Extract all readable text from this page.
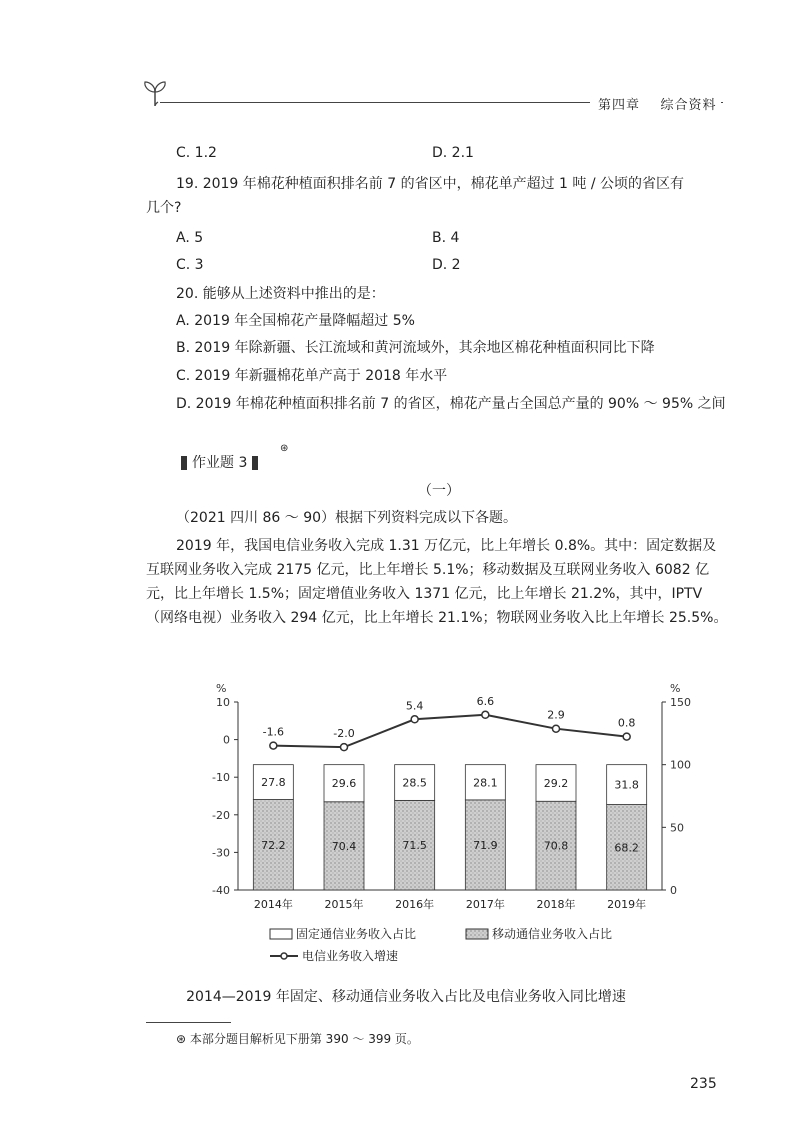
第四章 综合资料
C. 1.2	D. 2.1
19. 2019 年棉花种植面积排名前 7 的省区中，棉花单产超过 1 吨 / 公顷的省区有
几个?
A. 5	B. 4
C. 3	D. 2
20. 能够从上述资料中推出的是：
A. 2019 年全国棉花产量降幅超过 5%
B. 2019 年除新疆、长江流域和黄河流域外，其余地区棉花种植面积同比下降
C. 2019 年新疆棉花单产高于 2018 年水平
D. 2019 年棉花种植面积排名前 7 的省区，棉花产量占全国总产量的 90% ～ 95% 之间
作业题 3
⊛
（一）
（2021 四川 86 ～ 90）根据下列资料完成以下各题。
2019 年，我国电信业务收入完成 1.31 万亿元，比上年增长 0.8%。其中：固定数据及互联网业务收入完成 2175 亿元，比上年增长 5.1%；移动数据及互联网业务收入 6082 亿元，比上年增长 1.5%；固定增值业务收入 1371 亿元，比上年增长 21.2%，其中，IPTV（网络电视）业务收入 294 亿元，比上年增长 21.1%；物联网业务收入比上年增长 25.5%。
%	%
10
0
-10
-20
-30
-40
150
100
50
0
27.8
72.2
2014年
29.6
70.4
2015年
28.5
71.5
2016年
28.1
71.9
2017年
29.2
70.8
2018年
31.8
68.2
2019年
-1.6	-2.0
5.4	6.6
2.9
0.8
固定通信业务收入占比	移动通信业务收入占比
电信业务收入增速
2014—2019 年固定、移动通信业务收入占比及电信业务收入同比增速
⊛ 本部分题目解析见下册第 390 ～ 399 页。
235
